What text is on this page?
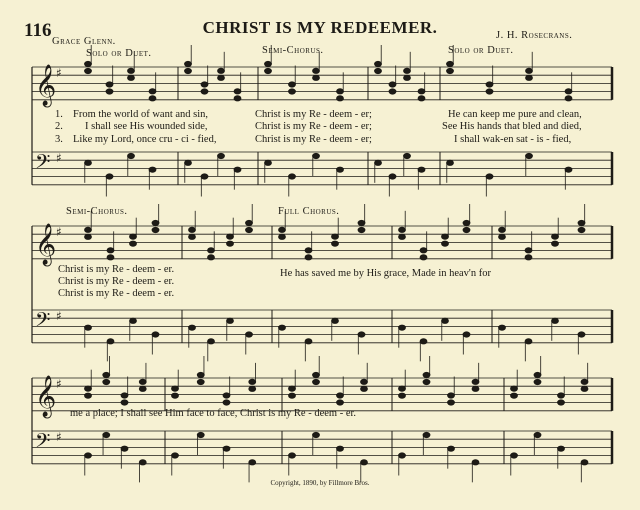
116	CHRIST IS MY REDEEMER.
Grace Glenn.
J. H. Rosecrans.
Solo or Duet.	Semi-Chorus.	Solo or Duet.
Semi-Chorus.	Full Chorus.
1. From the world of want and sin,	Christ is my Re - deem - er;	He can keep me pure and clean,
2. I shall see His wounded side,	Christ is my Re - deem - er;	See His hands that bled and died,
3. Like my Lord, once cru - ci - fied,	Christ is my Re - deem - er;	I shall wak-en sat - is - fied,
Christ is my Re - deem - er.
Christ is my Re - deem - er.
Christ is my Re - deem - er.
He has saved me by His grace, Made in heav'n for
me a place; I shall see Him face to face, Christ is my Re - deem - er.
Copyright, 1890, by Fillmore Bros.
𝄞 ♯
𝄢 ♯
𝄞 ♯
𝄢 ♯
𝄞 ♯
𝄢 ♯
